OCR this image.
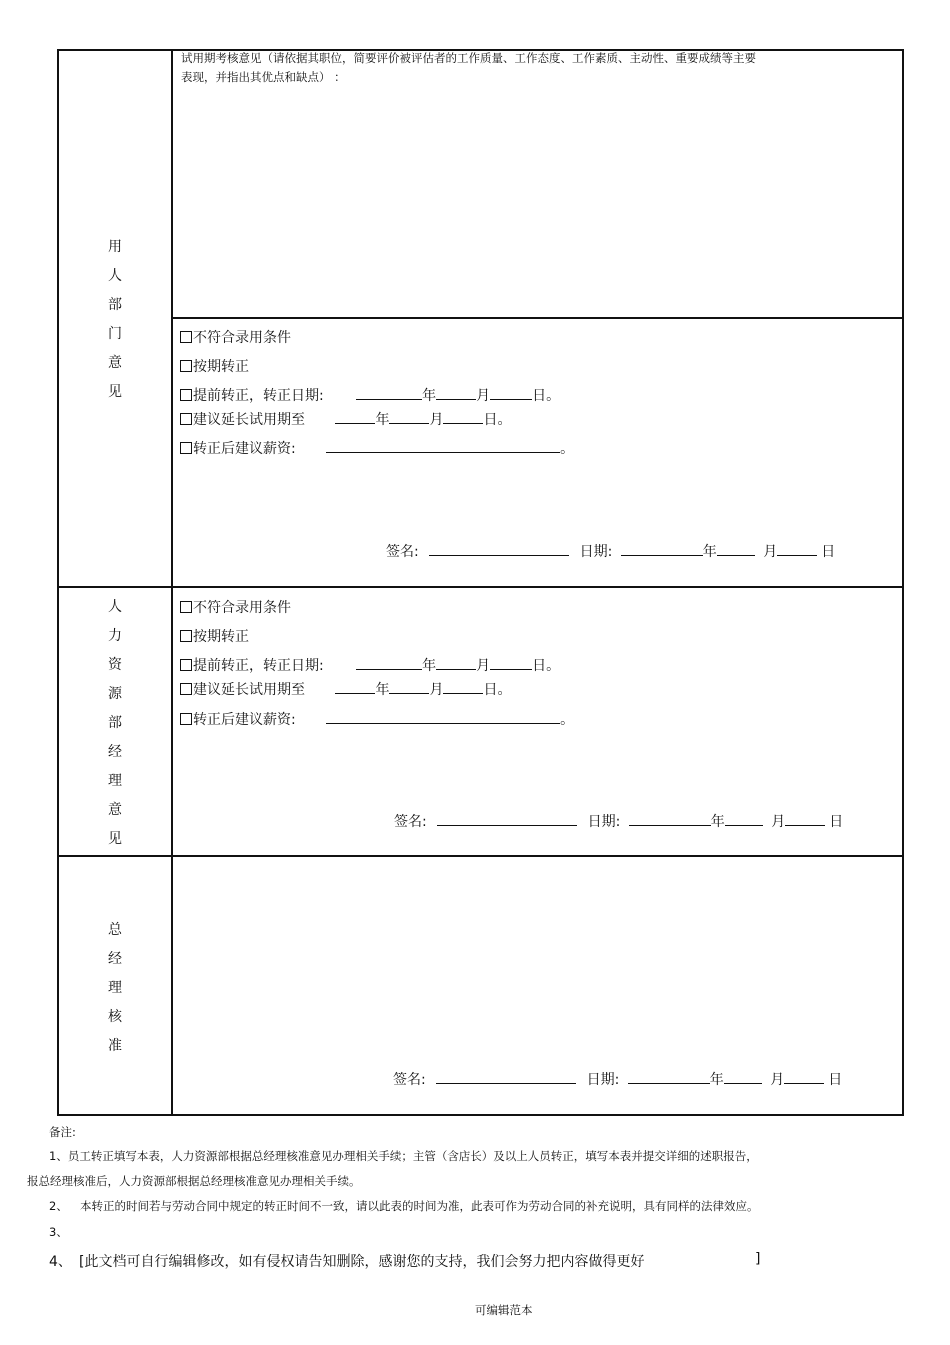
用人部门意见
试用期考核意见（请依据其职位，简要评价被评估者的工作质量、工作态度、工作素质、主动性、重要成绩等主要
表现，并指出其优点和缺点） ：
不符合录用条件
按期转正
提前转正，转正日期:	年	月	日。
建议延长试用期至	年	月	日。
转正后建议薪资:	。
签名:	日期:	年	月	日
人力资源部经理意见
不符合录用条件
按期转正
提前转正，转正日期:	年	月	日。
建议延长试用期至	年	月	日。
转正后建议薪资:	。
签名:	日期:	年	月	日
总经理核准
签名:	日期:	年	月	日
备注:
1、员工转正填写本表，人力资源部根据总经理核准意见办理相关手续；主管（含店长）及以上人员转正，填写本表并提交详细的述职报告，
报总经理核准后，人力资源部根据总经理核准意见办理相关手续。
2、 本转正的时间若与劳动合同中规定的转正时间不一致，请以此表的时间为准，此表可作为劳动合同的补充说明，具有同样的法律效应。
3、
4、 [此文档可自行编辑修改，如有侵权请告知删除，感谢您的支持，我们会努力把内容做得更好	]
可编辑范本
